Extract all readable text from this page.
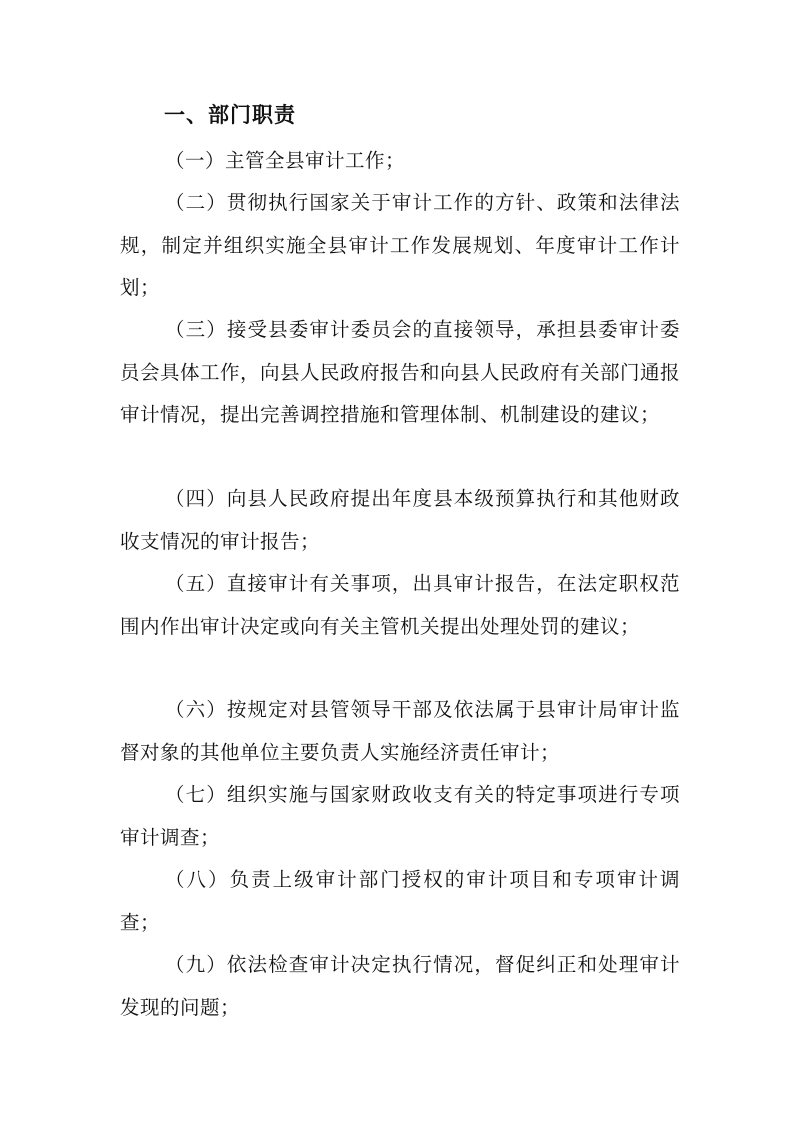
一、部门职责

（一）主管全县审计工作；

（二）贯彻执行国家关于审计工作的方针、政策和法律法规，制定并组织实施全县审计工作发展规划、年度审计工作计划；

（三）接受县委审计委员会的直接领导，承担县委审计委员会具体工作，向县人民政府报告和向县人民政府有关部门通报审计情况，提出完善调控措施和管理体制、机制建设的建议；

（四）向县人民政府提出年度县本级预算执行和其他财政收支情况的审计报告；

（五）直接审计有关事项，出具审计报告，在法定职权范围内作出审计决定或向有关主管机关提出处理处罚的建议；

（六）按规定对县管领导干部及依法属于县审计局审计监督对象的其他单位主要负责人实施经济责任审计；

（七）组织实施与国家财政收支有关的特定事项进行专项审计调查；

（八）负责上级审计部门授权的审计项目和专项审计调查；

（九）依法检查审计决定执行情况，督促纠正和处理审计发现的问题；
